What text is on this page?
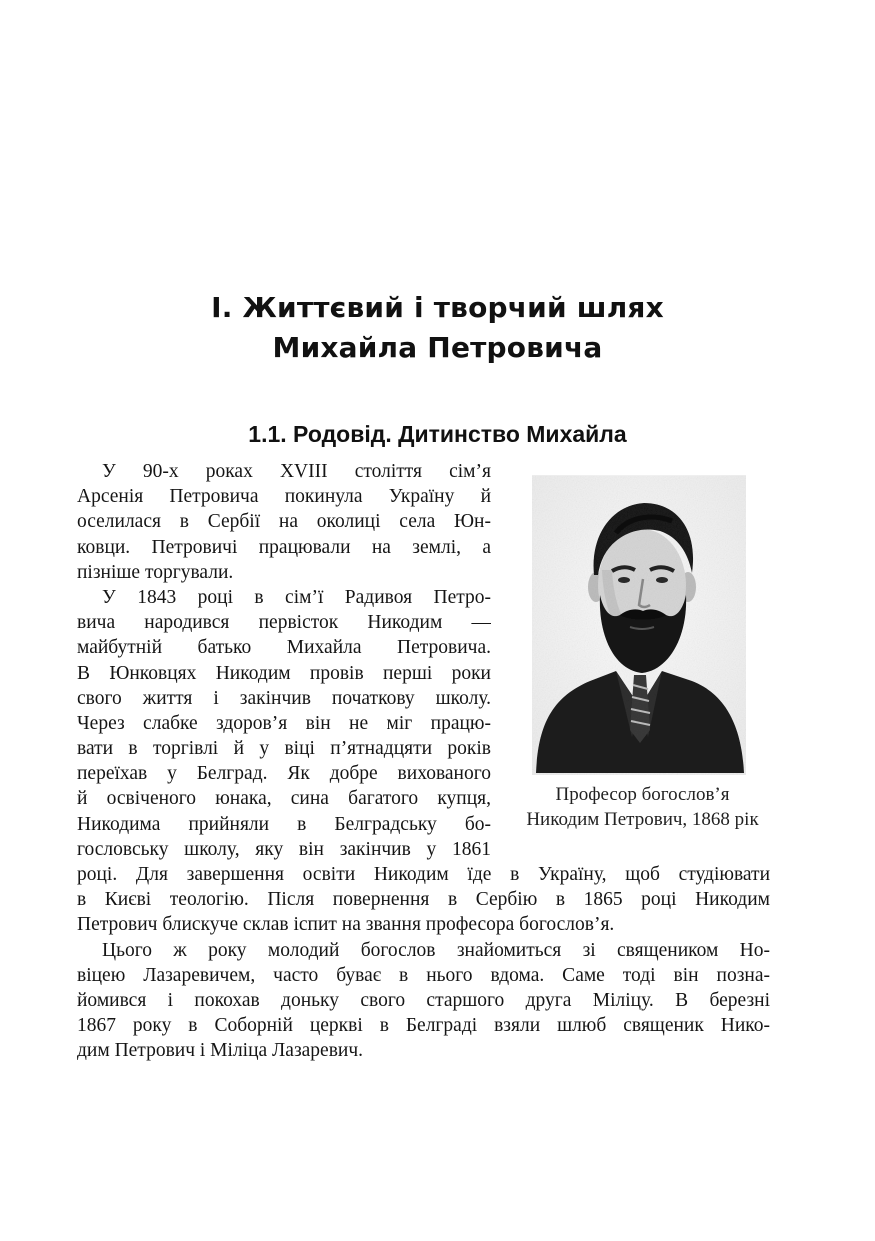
I. Життєвий і творчий шлях
Михайла Петровича
1.1. Родовід. Дитинство Михайла
У 90-х роках XVIII століття сім’я
Арсенія Петровича покинула Україну й
оселилася в Сербії на околиці села Юн-
ковци. Петровичі працювали на землі, а
пізніше торгували.
У 1843 році в сім’ї Радивоя Петро-
вича народився первісток Никодим —
майбутній батько Михайла Петровича.
В Юнковцях Никодим провів перші роки
свого життя і закінчив початкову школу.
Через слабке здоров’я він не міг працю-
вати в торгівлі й у віці п’ятнадцяти років
переїхав у Белград. Як добре вихованого
й освіченого юнака, сина багатого купця,
Никодима прийняли в Белградську бо-
гословську школу, яку він закінчив у 1861
Професор богослов’я
Никодим Петрович, 1868 рік
році. Для завершення освіти Никодим їде в Україну, щоб студіювати
в Києві теологію. Після повернення в Сербію в 1865 році Никодим
Петрович блискуче склав іспит на звання професора богослов’я.
Цього ж року молодий богослов знайомиться зі священиком Но-
віцею Лазаревичем, часто буває в нього вдома. Саме тоді він позна-
йомився і покохав доньку свого старшого друга Міліцу. В березні
1867 року в Соборній церкві в Белграді взяли шлюб священик Нико-
дим Петрович і Міліца Лазаревич.
